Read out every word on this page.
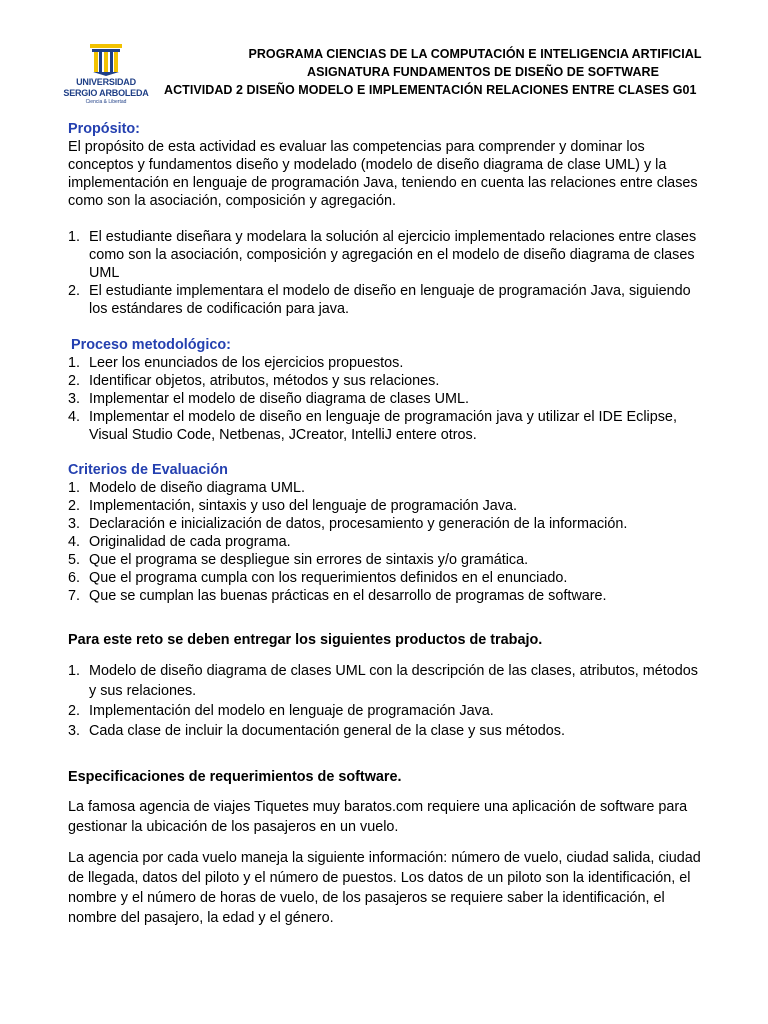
UNIVERSIDAD
SERGIO ARBOLEDA
Ciencia & Libertad
PROGRAMA CIENCIAS DE LA COMPUTACIÓN E INTELIGENCIA ARTIFICIAL
ASIGNATURA FUNDAMENTOS DE DISEÑO DE SOFTWARE
ACTIVIDAD 2 DISEÑO MODELO E IMPLEMENTACIÓN RELACIONES ENTRE CLASES G01

Propósito:

El propósito de esta actividad es evaluar las competencias para comprender y dominar los conceptos y fundamentos diseño y modelado (modelo de diseño diagrama de clase UML) y la implementación en lenguaje de programación Java, teniendo en cuenta las relaciones entre clases como son la asociación, composición y agregación.

1. El estudiante diseñara y modelara la solución al ejercicio implementado relaciones entre clases como son la asociación, composición y agregación en el modelo de diseño diagrama de clases UML
2. El estudiante implementara el modelo de diseño en lenguaje de programación Java, siguiendo los estándares de codificación para java.

Proceso metodológico:

1. Leer los enunciados de los ejercicios propuestos.
2. Identificar objetos, atributos, métodos y sus relaciones.
3. Implementar el modelo de diseño diagrama de clases UML.
4. Implementar el modelo de diseño en lenguaje de programación java y utilizar el IDE Eclipse, Visual Studio Code, Netbenas, JCreator, IntelliJ entere otros.

Criterios de Evaluación

1. Modelo de diseño diagrama UML.
2. Implementación, sintaxis y uso del lenguaje de programación Java.
3. Declaración e inicialización de datos, procesamiento y generación de la información.
4. Originalidad de cada programa.
5. Que el programa se despliegue sin errores de sintaxis y/o gramática.
6. Que el programa cumpla con los requerimientos definidos en el enunciado.
7. Que se cumplan las buenas prácticas en el desarrollo de programas de software.

Para este reto se deben entregar los siguientes productos de trabajo.

1. Modelo de diseño diagrama de clases UML con la descripción de las clases, atributos, métodos y sus relaciones.
2. Implementación del modelo en lenguaje de programación Java.
3. Cada clase de incluir la documentación general de la clase y sus métodos.

Especificaciones de requerimientos de software.

La famosa agencia de viajes Tiquetes muy baratos.com requiere una aplicación de software para gestionar la ubicación de los pasajeros en un vuelo.

La agencia por cada vuelo maneja la siguiente información: número de vuelo, ciudad salida, ciudad de llegada, datos del piloto y el número de puestos. Los datos de un piloto son la identificación, el nombre y el número de horas de vuelo, de los pasajeros se requiere saber la identificación, el nombre del pasajero, la edad y el género.
